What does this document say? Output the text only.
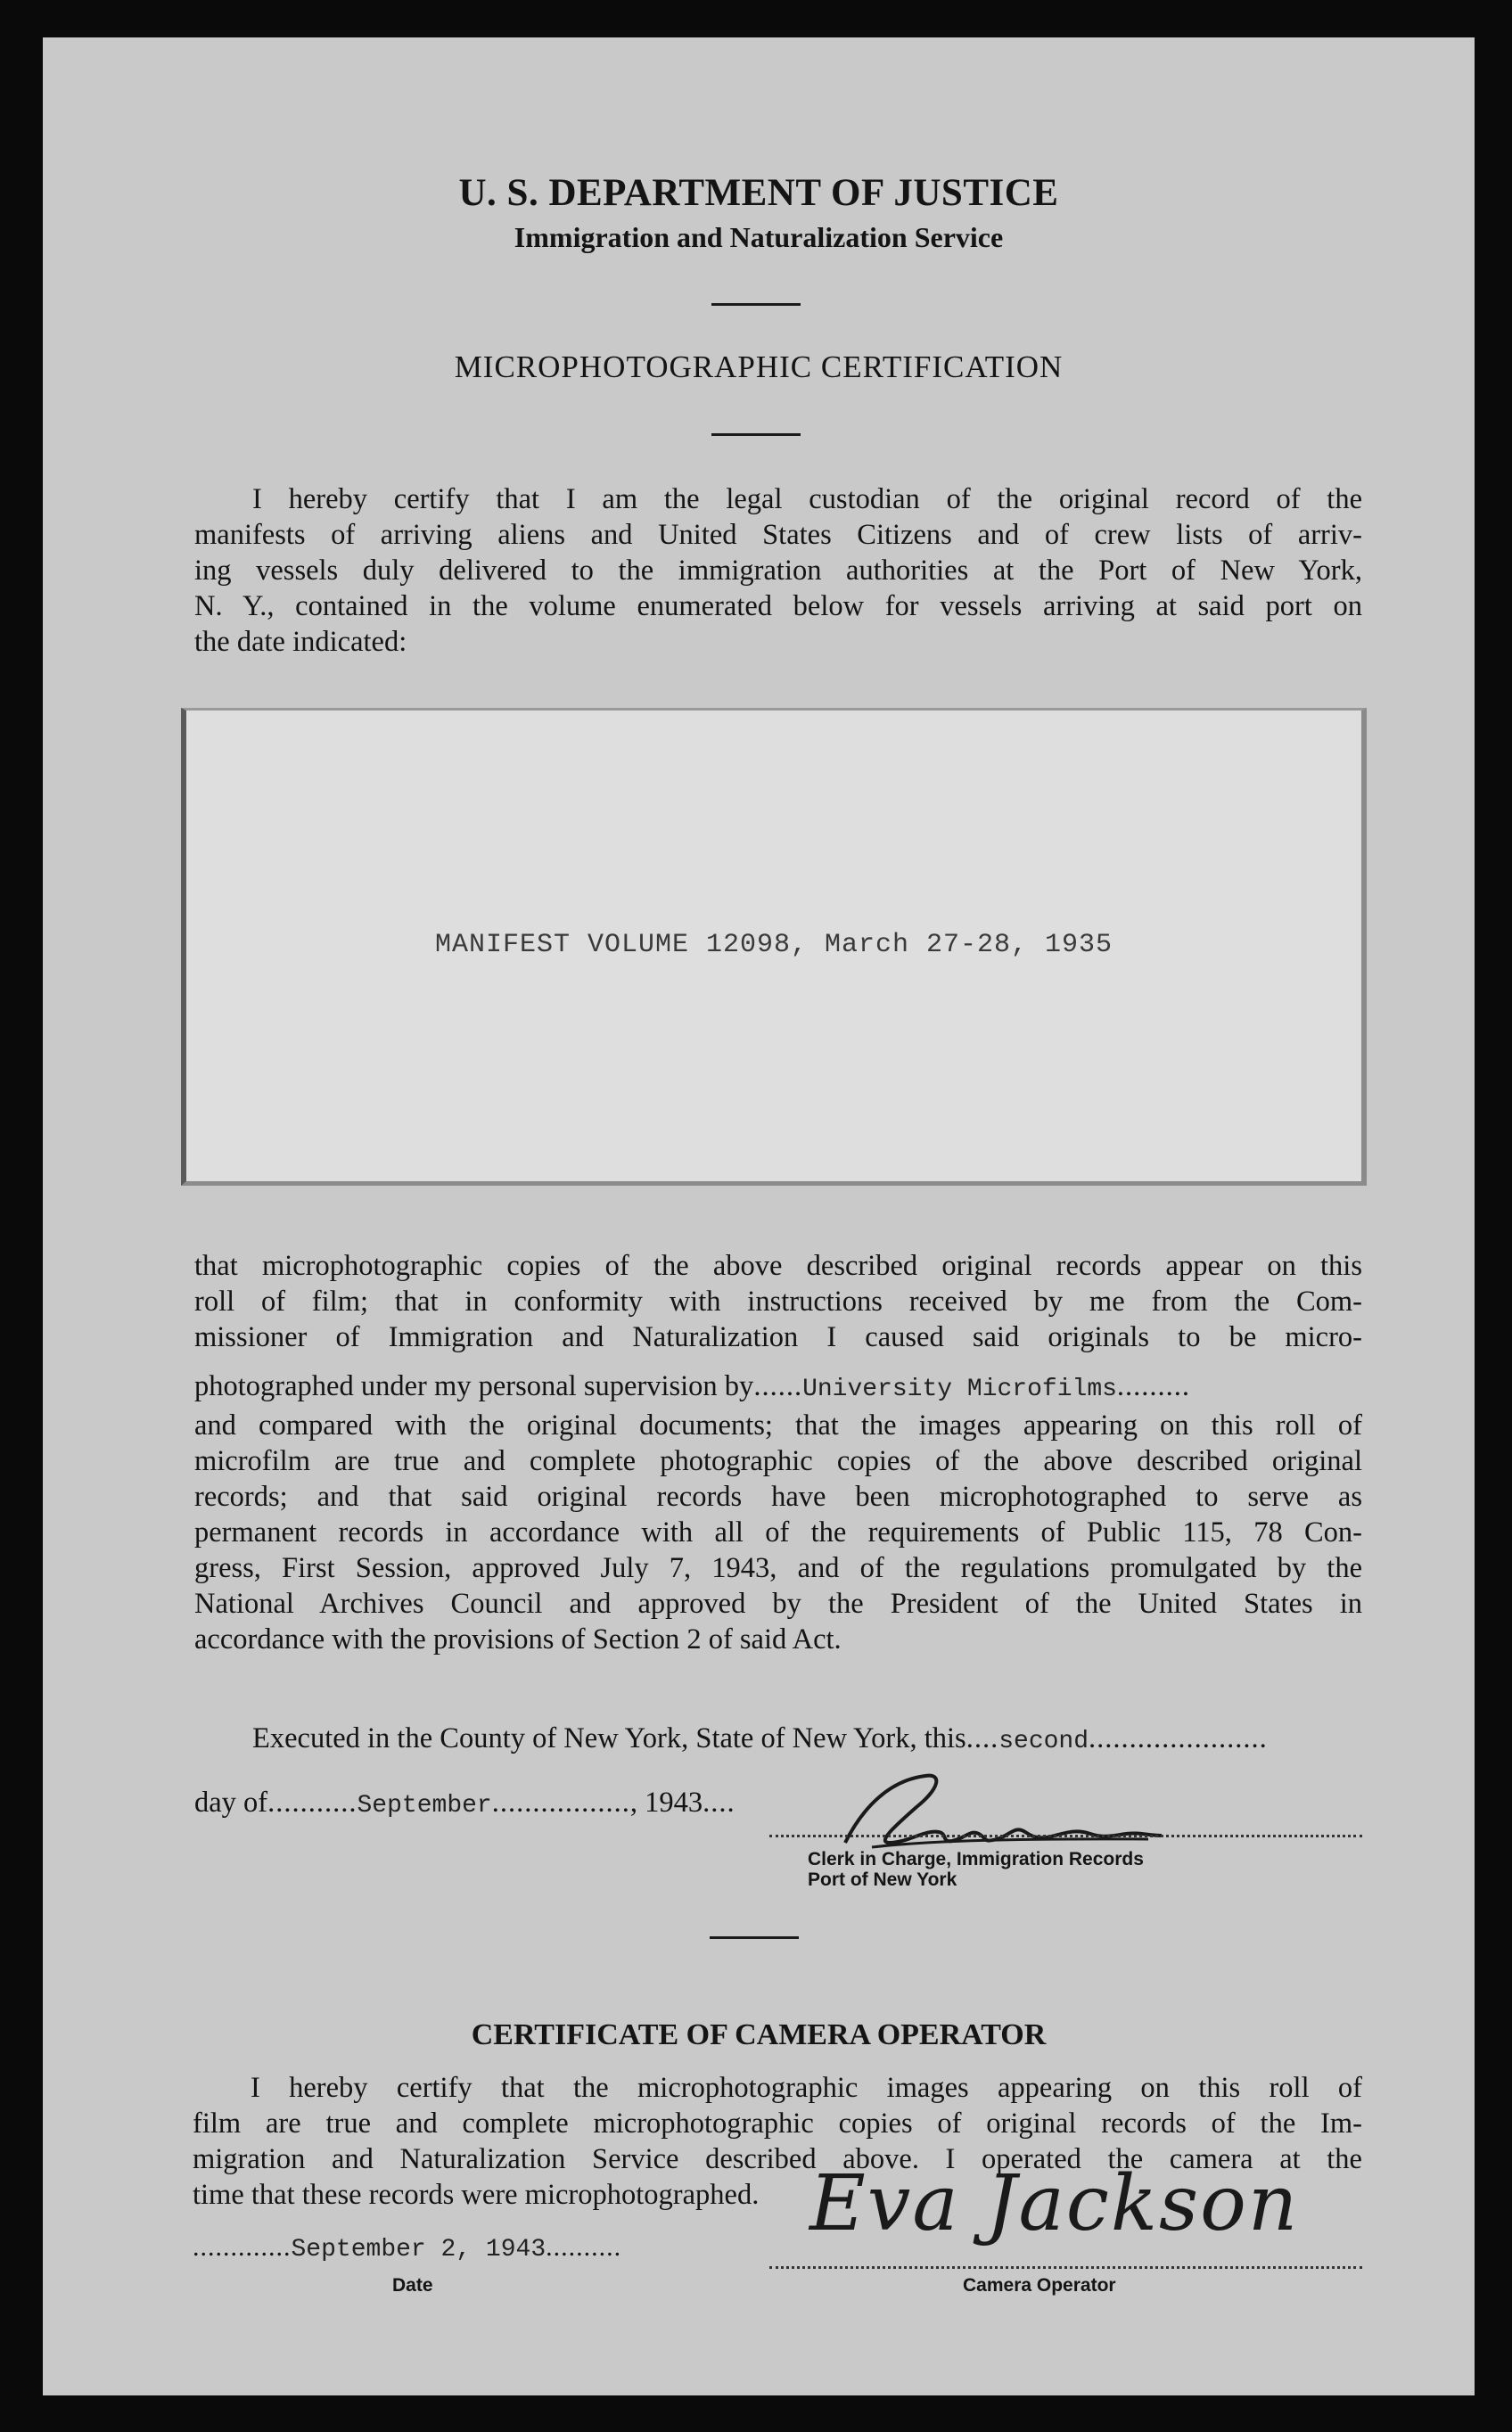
U. S. DEPARTMENT OF JUSTICE
Immigration and Naturalization Service
MICROPHOTOGRAPHIC CERTIFICATION
I hereby certify that I am the legal custodian of the original record of the
manifests of arriving aliens and United States Citizens and of crew lists of arriv-
ing vessels duly delivered to the immigration authorities at the Port of New York,
N. Y., contained in the volume enumerated below for vessels arriving at said port on
the date indicated:
MANIFEST VOLUME 12098, March 27-28, 1935
that microphotographic copies of the above described original records appear on this
roll of film; that in conformity with instructions received by me from the Com-
missioner of Immigration and Naturalization I caused said originals to be micro-
photographed under my personal supervision by......University Microfilms.........
and compared with the original documents; that the images appearing on this roll of
microfilm are true and complete photographic copies of the above described original
records; and that said original records have been microphotographed to serve as
permanent records in accordance with all of the requirements of Public 115, 78 Con-
gress, First Session, approved July 7, 1943, and of the regulations promulgated by the
National Archives Council and approved by the President of the United States in
accordance with the provisions of Section 2 of said Act.
Executed in the County of New York, State of New York, this....second......................
day of...........September................., 1943....
Clerk in Charge, Immigration Records
Port of New York
CERTIFICATE OF CAMERA OPERATOR
I hereby certify that the microphotographic images appearing on this roll of
film are true and complete microphotographic copies of original records of the Im-
migration and Naturalization Service described above. I operated the camera at the
time that these records were microphotographed.
.............September 2, 1943..........
Date
Eva Jackson
Camera Operator
